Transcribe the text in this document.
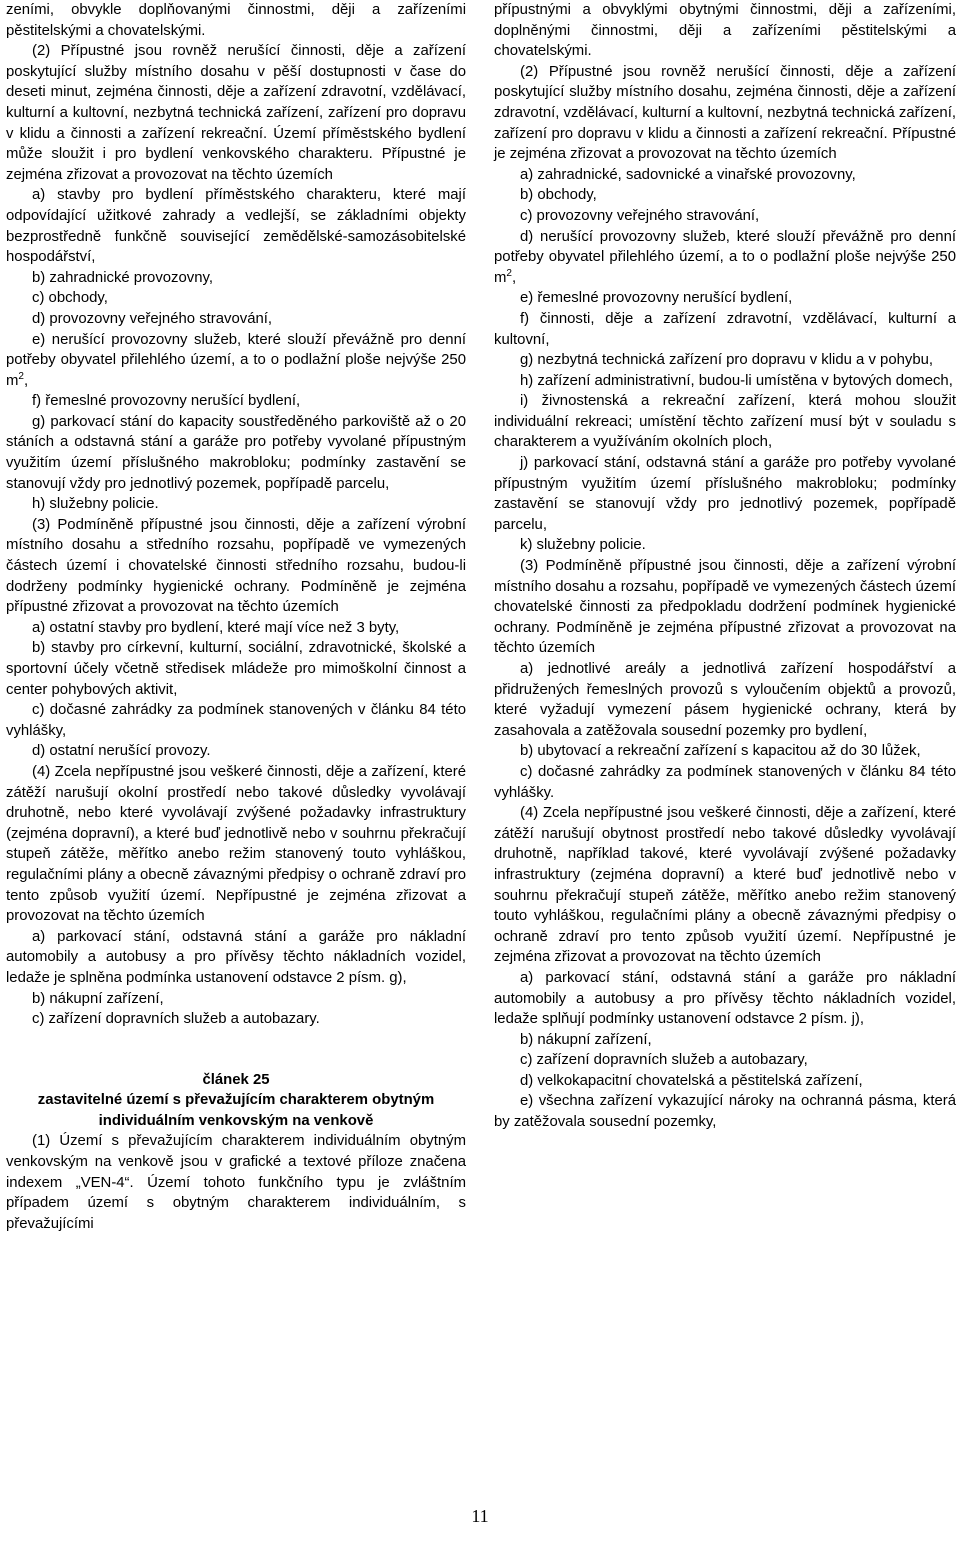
zeními, obvykle doplňovanými činnostmi, ději a zařízeními pěstitelskými a chovatelskými.

(2) Přípustné jsou rovněž nerušící činnosti, děje a zařízení poskytující služby místního dosahu v pěší dostupnosti v čase do deseti minut, zejména činnosti, děje a zařízení zdravotní, vzdělávací, kulturní a kultovní, nezbytná technická zařízení, zařízení pro dopravu v klidu a činnosti a zařízení rekreační. Území příměstského bydlení může sloužit i pro bydlení venkovského charakteru. Přípustné je zejména zřizovat a provozovat na těchto územích

a) stavby pro bydlení příměstského charakteru, které mají odpovídající užitkové zahrady a vedlejší, se základními objekty bezprostředně funkčně související zemědělské-samozásobitelské hospodářství,

b) zahradnické provozovny,

c) obchody,

d) provozovny veřejného stravování,

e) nerušící provozovny služeb, které slouží převážně pro denní potřeby obyvatel přilehlého území, a to o podlažní ploše nejvýše 250 $m^2$,

f) řemeslné provozovny nerušící bydlení,

g) parkovací stání do kapacity soustředěného parkoviště až o 20 stáních a odstavná stání a garáže pro potřeby vyvolané přípustným využitím území příslušného makrobloku; podmínky zastavění se stanovují vždy pro jednotlivý pozemek, popřípadě parcelu,

h) služebny policie.

(3) Podmíněně přípustné jsou činnosti, děje a zařízení výrobní místního dosahu a středního rozsahu, popřípadě ve vymezených částech území i chovatelské činnosti středního rozsahu, budou-li dodrženy podmínky hygienické ochrany. Podmíněně je zejména přípustné zřizovat a provozovat na těchto územích

a) ostatní stavby pro bydlení, které mají více než 3 byty,

b) stavby pro církevní, kulturní, sociální, zdravotnické, školské a sportovní účely včetně středisek mládeže pro mimoškolní činnost a center pohybových aktivit,

c) dočasné zahrádky za podmínek stanovených v článku 84 této vyhlášky,

d) ostatní nerušící provozy.

(4) Zcela nepřípustné jsou veškeré činnosti, děje a zařízení, které zátěží narušují okolní prostředí nebo takové důsledky vyvolávají druhotně, nebo které vyvolávají zvýšené požadavky infrastruktury (zejména dopravní), a které buď jednotlivě nebo v souhrnu překračují stupeň zátěže, měřítko anebo režim stanovený touto vyhláškou, regulačními plány a obecně závaznými předpisy o ochraně zdraví pro tento způsob využití území. Nepřípustné je zejména zřizovat a provozovat na těchto územích

a) parkovací stání, odstavná stání a garáže pro nákladní automobily a autobusy a pro přívěsy těchto nákladních vozidel, ledaže je splněna podmínka ustanovení odstavce 2 písm. g),

b) nákupní zařízení,

c) zařízení dopravních služeb a autobazary.

článek 25

zastavitelné území s převažujícím charakterem obytným individuálním venkovským na venkově

(1) Území s převažujícím charakterem individuálním obytným venkovským na venkově jsou v grafické a textové příloze značena indexem „VEN-4“. Území tohoto funkčního typu je zvláštním případem území s obytným charakterem individuálním, s převažujícími

přípustnými a obvyklými obytnými činnostmi, ději a zařízeními, doplněnými činnostmi, ději a zařízeními pěstitelskými a chovatelskými.

(2) Přípustné jsou rovněž nerušící činnosti, děje a zařízení poskytující služby místního dosahu, zejména činnosti, děje a zařízení zdravotní, vzdělávací, kulturní a kultovní, nezbytná technická zařízení, zařízení pro dopravu v klidu a činnosti a zařízení rekreační. Přípustné je zejména zřizovat a provozovat na těchto územích

a) zahradnické, sadovnické a vinařské provozovny,

b) obchody,

c) provozovny veřejného stravování,

d) nerušící provozovny služeb, které slouží převážně pro denní potřeby obyvatel přilehlého území, a to o podlažní ploše nejvýše 250 $m^2$,

e) řemeslné provozovny nerušící bydlení,

f) činnosti, děje a zařízení zdravotní, vzdělávací, kulturní a kultovní,

g) nezbytná technická zařízení pro dopravu v klidu a v pohybu,

h) zařízení administrativní, budou-li umístěna v bytových domech,

i) živnostenská a rekreační zařízení, která mohou sloužit individuální rekreaci; umístění těchto zařízení musí být v souladu s charakterem a využíváním okolních ploch,

j) parkovací stání, odstavná stání a garáže pro potřeby vyvolané přípustným využitím území příslušného makrobloku; podmínky zastavění se stanovují vždy pro jednotlivý pozemek, popřípadě parcelu,

k) služebny policie.

(3) Podmíněně přípustné jsou činnosti, děje a zařízení výrobní místního dosahu a rozsahu, popřípadě ve vymezených částech území chovatelské činnosti za předpokladu dodržení podmínek hygienické ochrany. Podmíněně je zejména přípustné zřizovat a provozovat na těchto územích

a) jednotlivé areály a jednotlivá zařízení hospodářství a přidružených řemeslných provozů s vyloučením objektů a provozů, které vyžadují vymezení pásem hygienické ochrany, která by zasahovala a zatěžovala sousední pozemky pro bydlení,

b) ubytovací a rekreační zařízení s kapacitou až do 30 lůžek,

c) dočasné zahrádky za podmínek stanovených v článku 84 této vyhlášky.

(4) Zcela nepřípustné jsou veškeré činnosti, děje a zařízení, které zátěží narušují obytnost prostředí nebo takové důsledky vyvolávají druhotně, například takové, které vyvolávají zvýšené požadavky infrastruktury (zejména dopravní) a které buď jednotlivě nebo v souhrnu překračují stupeň zátěže, měřítko anebo režim stanovený touto vyhláškou, regulačními plány a obecně závaznými předpisy o ochraně zdraví pro tento způsob využití území. Nepřípustné je zejména zřizovat a provozovat na těchto územích

a) parkovací stání, odstavná stání a garáže pro nákladní automobily a autobusy a pro přívěsy těchto nákladních vozidel, ledaže splňují podmínky ustanovení odstavce 2 písm. j),

b) nákupní zařízení,

c) zařízení dopravních služeb a autobazary,

d) velkokapacitní chovatelská a pěstitelská zařízení,

e) všechna zařízení vykazující nároky na ochranná pásma, která by zatěžovala sousední pozemky,

11
